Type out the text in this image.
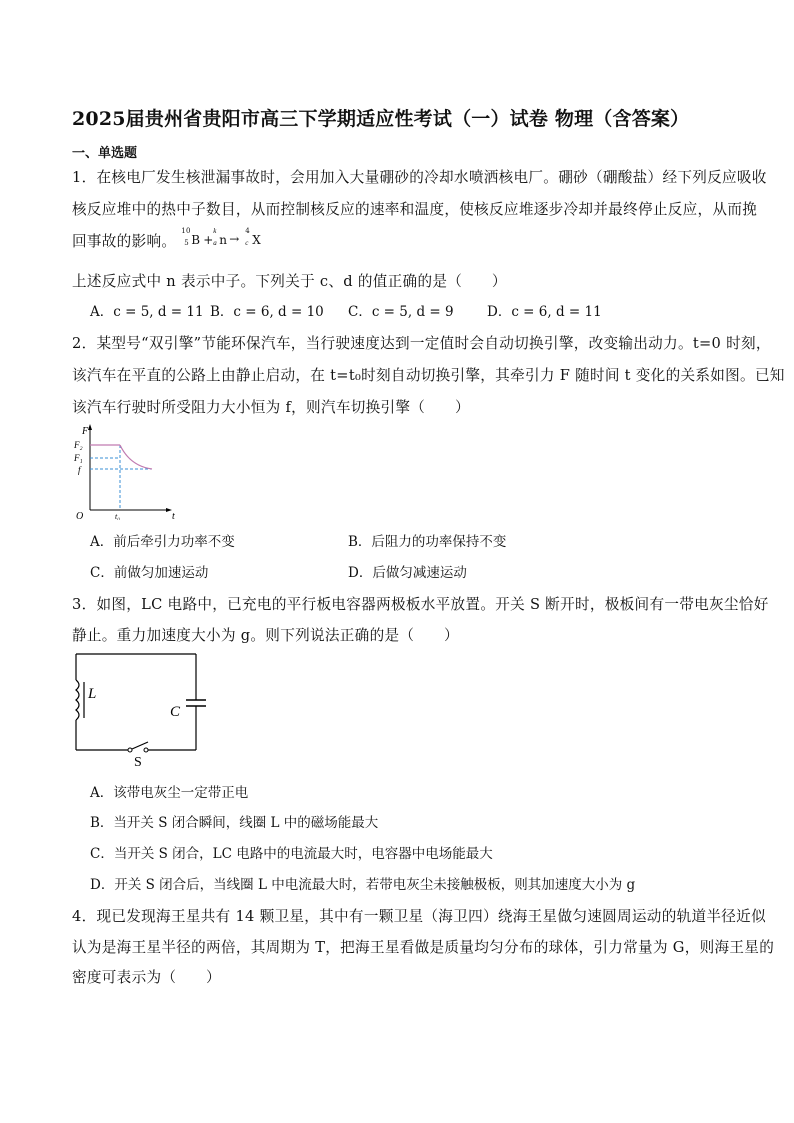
2025届贵州省贵阳市高三下学期适应性考试（一）试卷 物理（含答案）
一、单选题
1．在核电厂发生核泄漏事故时，会用加入大量硼砂的冷却水喷洒核电厂。硼砂（硼酸盐）经下列反应吸收
核反应堆中的热中子数目，从而控制核反应的速率和温度，使核反应堆逐步冷却并最终停止反应，从而挽
回事故的影响。
10
5 B +
k
a n →
4
c X
上述反应式中 n 表示中子。下列关于 c、d 的值正确的是（　　）
A．c = 5, d = 11 B．c = 6, d = 10 C．c = 5, d = 9 D．c = 6, d = 11
2．某型号“双引擎”节能环保汽车，当行驶速度达到一定值时会自动切换引擎，改变输出动力。t=0 时刻，
该汽车在平直的公路上由静止启动，在 t=t₀时刻自动切换引擎，其牵引力 F 随时间 t 变化的关系如图。已知
该汽车行驶时所受阻力大小恒为 f，则汽车切换引擎（　　）
F
t
O
F₂
F₁
f
t₀
A．前后牵引力功率不变	B．后阻力的功率保持不变
C．前做匀加速运动	D．后做匀减速运动
3．如图，LC 电路中，已充电的平行板电容器两极板水平放置。开关 S 断开时，极板间有一带电灰尘恰好
静止。重力加速度大小为 g。则下列说法正确的是（　　）
L
C
S
A．该带电灰尘一定带正电
B．当开关 S 闭合瞬间，线圈 L 中的磁场能最大
C．当开关 S 闭合，LC 电路中的电流最大时，电容器中电场能最大
D．开关 S 闭合后，当线圈 L 中电流最大时，若带电灰尘未接触极板，则其加速度大小为 g
4．现已发现海王星共有 14 颗卫星，其中有一颗卫星（海卫四）绕海王星做匀速圆周运动的轨道半径近似
认为是海王星半径的两倍，其周期为 T，把海王星看做是质量均匀分布的球体，引力常量为 G，则海王星的
密度可表示为（　　）
